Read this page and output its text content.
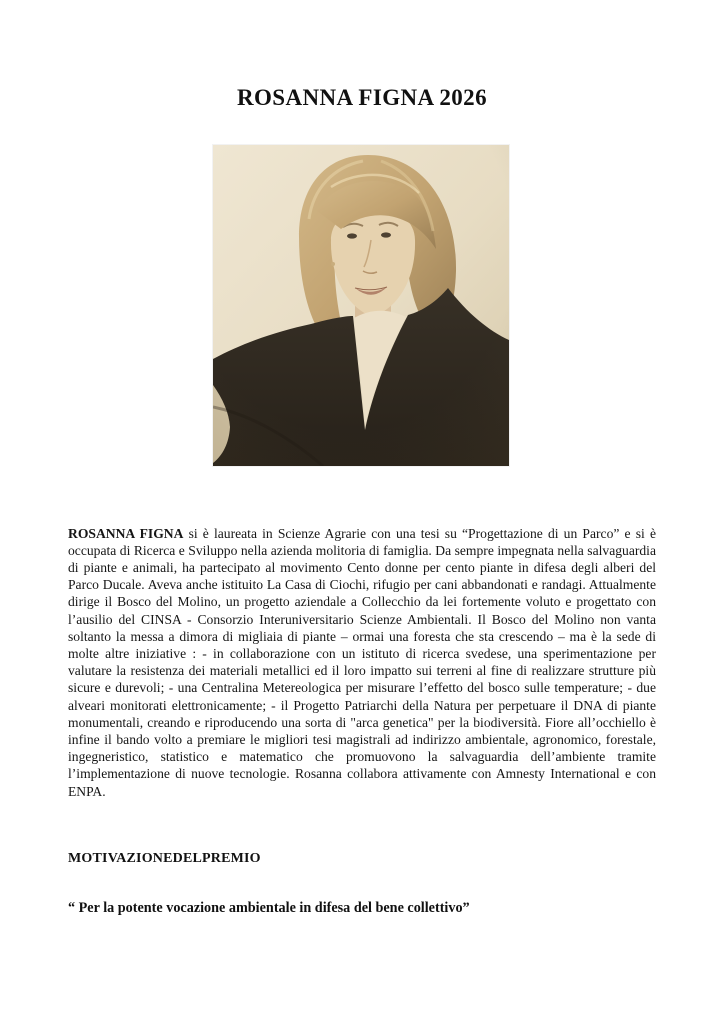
ROSANNA FIGNA 2026

ROSANNA FIGNA si è laureata in Scienze Agrarie con una tesi su “Progettazione di un Parco” e si è occupata di Ricerca e Sviluppo nella azienda molitoria di famiglia. Da sempre impegnata nella salvaguardia di piante e animali, ha partecipato al movimento Cento donne per cento piante in difesa degli alberi del Parco Ducale. Aveva anche istituito La Casa di Ciochi, rifugio per cani abbandonati e randagi. Attualmente dirige il Bosco del Molino, un progetto aziendale a Collecchio da lei fortemente voluto e progettato con l’ausilio del CINSA - Consorzio Interuniversitario Scienze Ambientali. Il Bosco del Molino non vanta soltanto la messa a dimora di migliaia di piante – ormai una foresta che sta crescendo – ma è la sede di molte altre iniziative : - in collaborazione con un istituto di ricerca svedese, una sperimentazione per valutare la resistenza dei materiali metallici ed il loro impatto sui terreni al fine di realizzare strutture più sicure e durevoli; - una Centralina Metereologica per misurare l’effetto del bosco sulle temperature; - due alveari monitorati elettronicamente; - il Progetto Patriarchi della Natura per perpetuare il DNA di piante monumentali, creando e riproducendo una sorta di "arca genetica" per la biodiversità. Fiore all’occhiello è infine il bando volto a premiare le migliori tesi magistrali ad indirizzo ambientale, agronomico, forestale, ingegneristico, statistico e matematico che promuovono la salvaguardia dell’ambiente tramite l’implementazione di nuove tecnologie. Rosanna collabora attivamente con Amnesty International e con ENPA.

MOTIVAZIONEDELPREMIO
“ Per la potente vocazione ambientale in difesa del bene collettivo”
